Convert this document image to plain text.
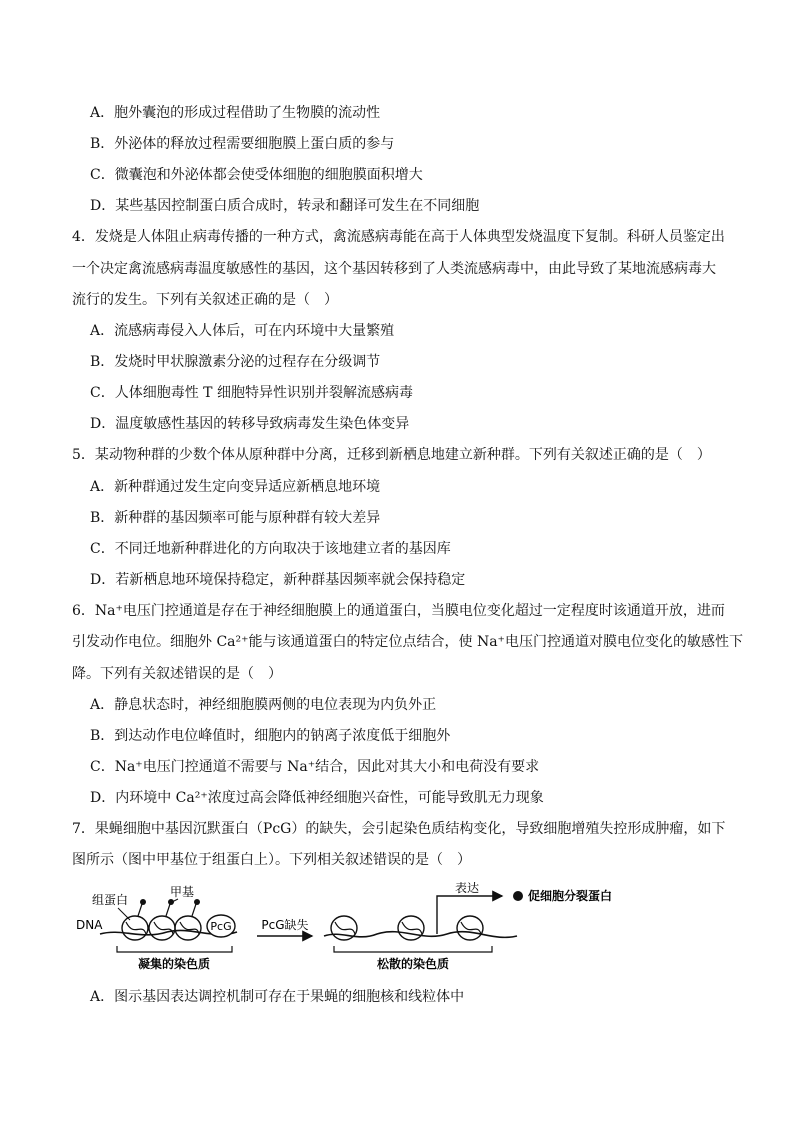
A．胞外囊泡的形成过程借助了生物膜的流动性
B．外泌体的释放过程需要细胞膜上蛋白质的参与
C．微囊泡和外泌体都会使受体细胞的细胞膜面积增大
D．某些基因控制蛋白质合成时，转录和翻译可发生在不同细胞
4．发烧是人体阻止病毒传播的一种方式，禽流感病毒能在高于人体典型发烧温度下复制。科研人员鉴定出
一个决定禽流感病毒温度敏感性的基因，这个基因转移到了人类流感病毒中，由此导致了某地流感病毒大
流行的发生。下列有关叙述正确的是（　）
A．流感病毒侵入人体后，可在内环境中大量繁殖
B．发烧时甲状腺激素分泌的过程存在分级调节
C．人体细胞毒性 T 细胞特异性识别并裂解流感病毒
D．温度敏感性基因的转移导致病毒发生染色体变异
5．某动物种群的少数个体从原种群中分离，迁移到新栖息地建立新种群。下列有关叙述正确的是（　）
A．新种群通过发生定向变异适应新栖息地环境
B．新种群的基因频率可能与原种群有较大差异
C．不同迁地新种群进化的方向取决于该地建立者的基因库
D．若新栖息地环境保持稳定，新种群基因频率就会保持稳定
6．Na⁺电压门控通道是存在于神经细胞膜上的通道蛋白，当膜电位变化超过一定程度时该通道开放，进而
引发动作电位。细胞外 Ca²⁺能与该通道蛋白的特定位点结合，使 Na⁺电压门控通道对膜电位变化的敏感性下
降。下列有关叙述错误的是（　）
A．静息状态时，神经细胞膜两侧的电位表现为内负外正
B．到达动作电位峰值时，细胞内的钠离子浓度低于细胞外
C．Na⁺电压门控通道不需要与 Na⁺结合，因此对其大小和电荷没有要求
D．内环境中 Ca²⁺浓度过高会降低神经细胞兴奋性，可能导致肌无力现象
7．果蝇细胞中基因沉默蛋白（PcG）的缺失，会引起染色质结构变化，导致细胞增殖失控形成肿瘤，如下
图所示（图中甲基位于组蛋白上）。下列相关叙述错误的是（　）
DNA
组蛋白
甲基
PcG
凝集的染色质
PcG缺失
表达
促细胞分裂蛋白
松散的染色质
A．图示基因表达调控机制可存在于果蝇的细胞核和线粒体中
